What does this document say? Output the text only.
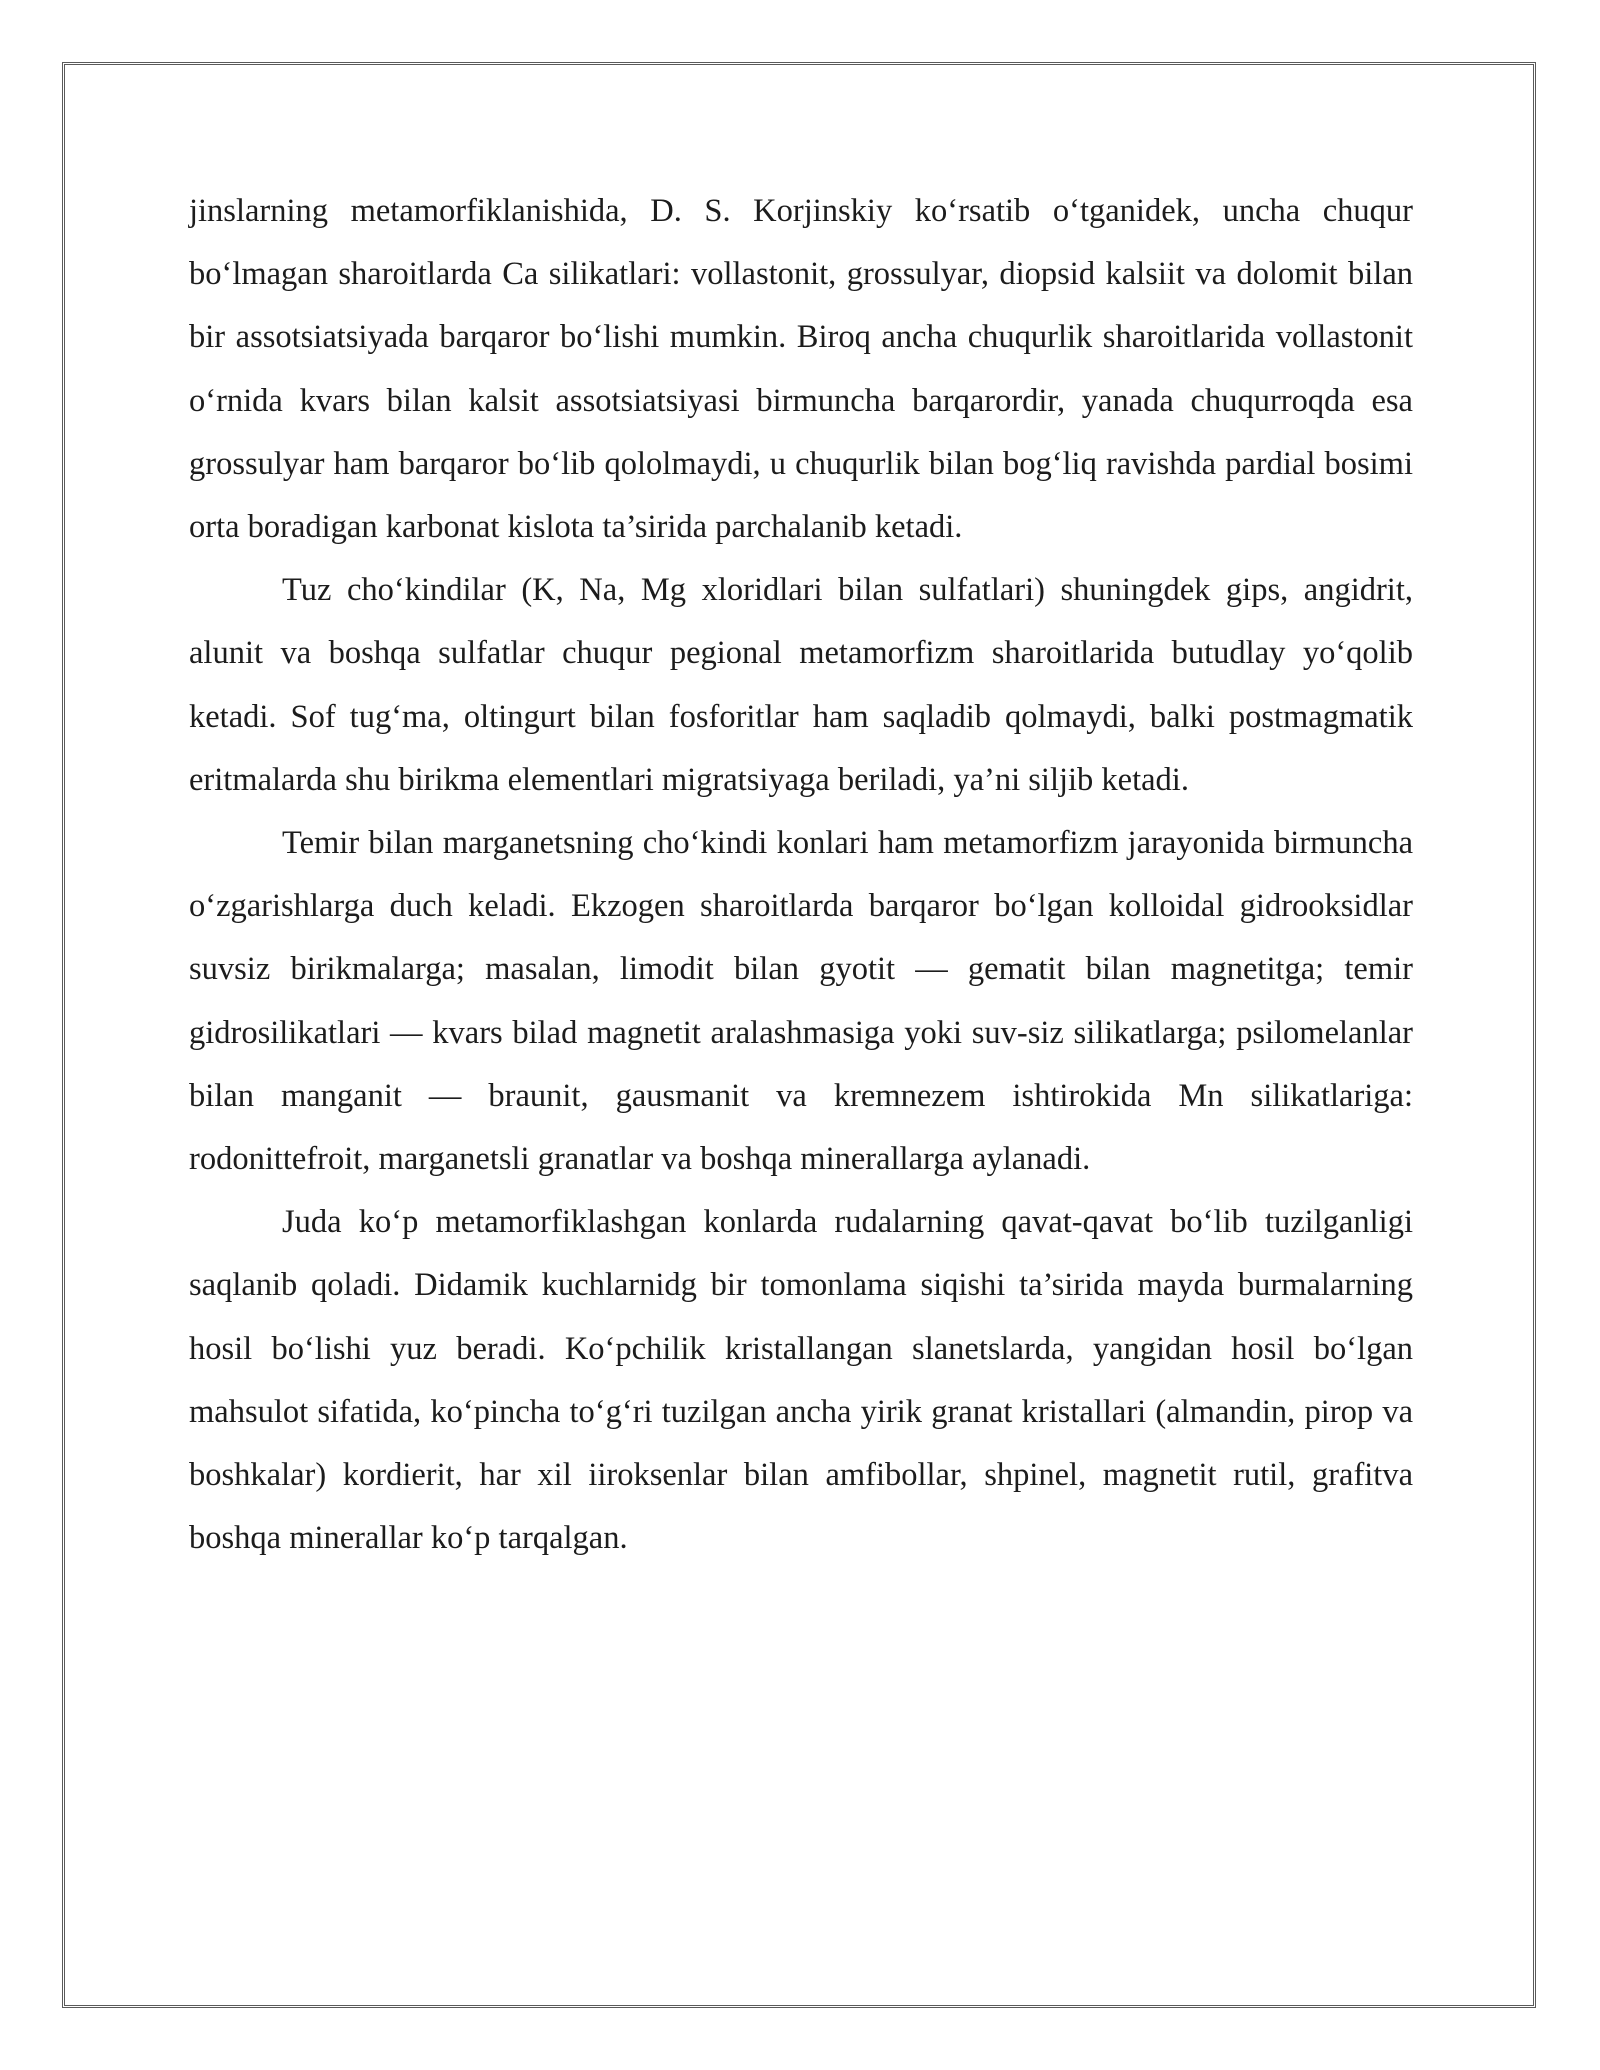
jinslarning metamorfiklanishida, D. S. Korjinskiy ko‘rsatib o‘tganidek, uncha chuqur bo‘lmagan sharoitlarda Ca silikatlari: vollastonit, grossulyar, diopsid kalsiit va dolomit bilan bir assotsiatsiyada barqaror bo‘lishi mumkin. Biroq ancha chuqurlik sharoitlarida vollastonit o‘rnida kvars bilan kalsit assotsiatsiyasi birmuncha barqarordir, yanada chuqurroqda esa grossulyar ham barqaror bo‘lib qololmaydi, u chuqurlik bilan bog‘liq ravishda pardial bosimi orta boradigan karbonat kislota ta’sirida parchalanib ketadi.

Tuz cho‘kindilar (K, Na, Mg xloridlari bilan sulfatlari) shuningdek gips, angidrit, alunit va boshqa sulfatlar chuqur pegional metamorfizm sharoitlarida butudlay yo‘qolib ketadi. Sof tug‘ma, oltingurt bilan fosforitlar ham saqladib qolmaydi, balki postmagmatik eritmalarda shu birikma elementlari migratsiyaga beriladi, ya’ni siljib ketadi.

Temir bilan marganetsning cho‘kindi konlari ham metamorfizm jarayonida birmuncha o‘zgarishlarga duch keladi. Ekzogen sharoitlarda barqaror bo‘lgan kolloidal gidrooksidlar suvsiz birikmalarga; masalan, limodit bilan gyotit — gematit bilan magnetitga; temir gidrosilikatlari — kvars bilad magnetit aralashmasiga yoki suv-siz silikatlarga; psilomelanlar bilan manganit — braunit, gausmanit va kremnezem ishtirokida Mn silikatlariga: rodonittefroit, marganetsli granatlar va boshqa minerallarga aylanadi.

Juda ko‘p metamorfiklashgan konlarda rudalarning qavat-qavat bo‘lib tuzilganligi saqlanib qoladi. Didamik kuchlarnidg bir tomonlama siqishi ta’sirida mayda burmalarning hosil bo‘lishi yuz beradi. Ko‘pchilik kristallangan slanetslarda, yangidan hosil bo‘lgan mahsulot sifatida, ko‘pincha to‘g‘ri tuzilgan ancha yirik granat kristallari (almandin, pirop va boshkalar) kordierit, har xil iiroksenlar bilan amfibollar, shpinel, magnetit rutil, grafitva boshqa minerallar ko‘p tarqalgan.
